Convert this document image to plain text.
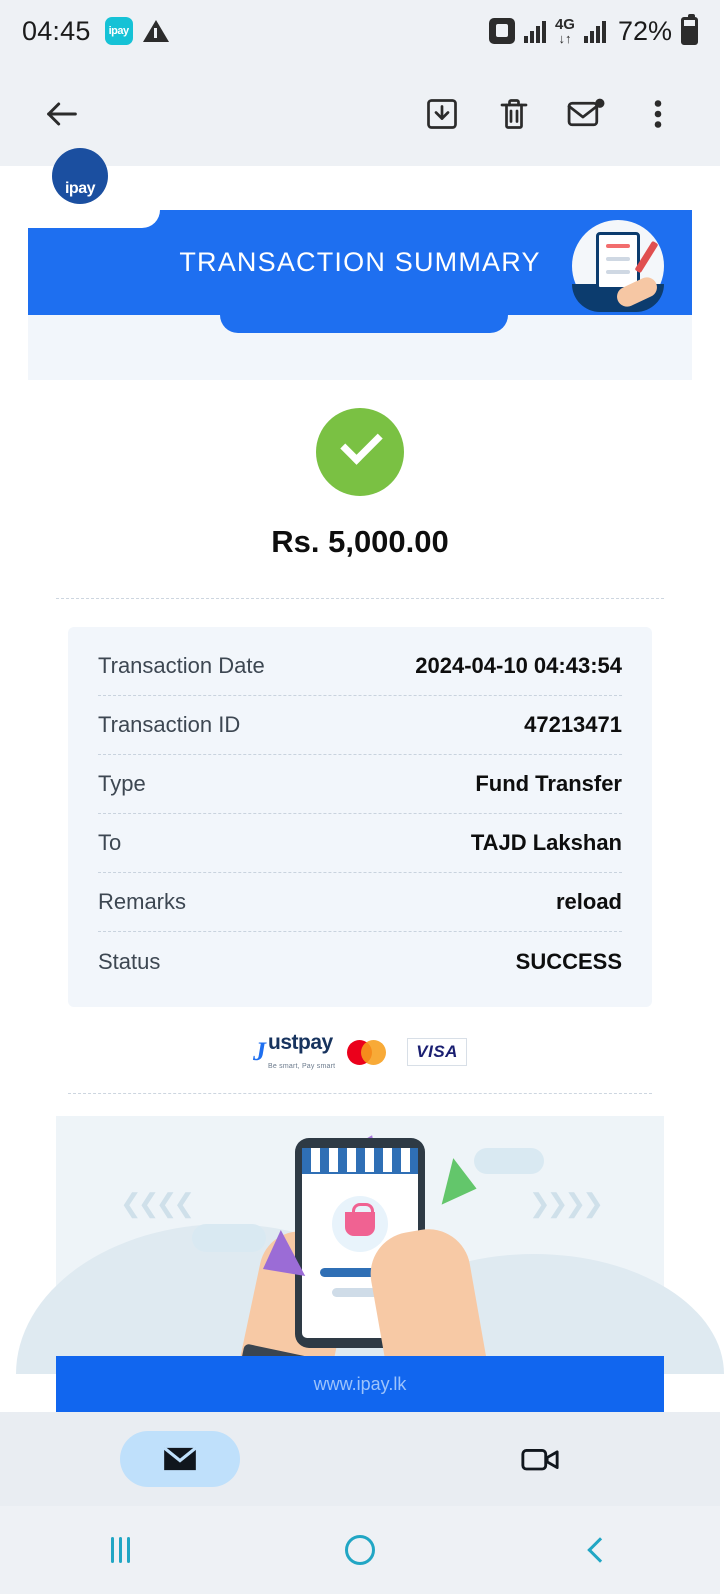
04:45	ipay	4G
↓↑ 72%
ipay
TRANSACTION SUMMARY
Rs. 5,000.00
Transaction Date	2024-04-10 04:43:54
Transaction ID	47213471
Type	Fund Transfer
To	TAJD Lakshan
Remarks	reload
Status	SUCCESS
J ustpay
Be smart, Pay smart
VISA
❮❮❮❮	❯❯❯❯
www.ipay.lk
